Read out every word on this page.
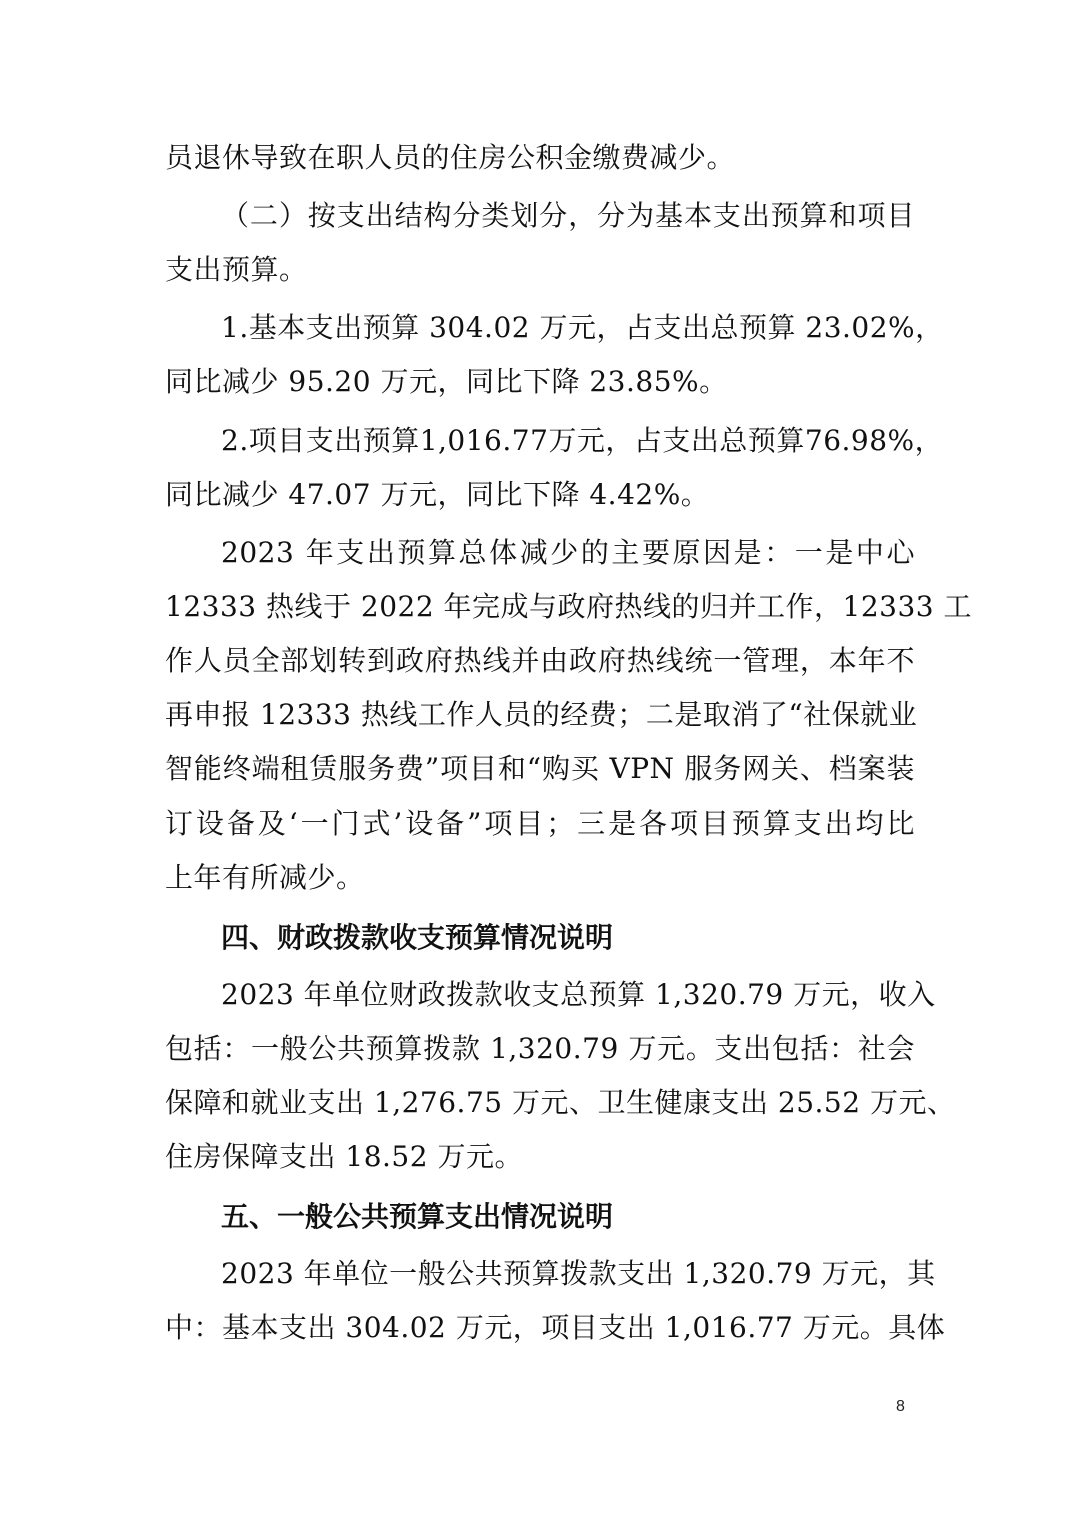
员退休导致在职人员的住房公积金缴费减少。
（二）按支出结构分类划分，分为基本支出预算和项目
支出预算。
1.基本支出预算 304.02 万元，占支出总预算 23.02%，
同比减少 95.20 万元，同比下降 23.85%。
2.项目支出预算1,016.77万元，占支出总预算76.98%，
同比减少 47.07 万元，同比下降 4.42%。
2023 年支出预算总体减少的主要原因是：一是中心
12333 热线于 2022 年完成与政府热线的归并工作，12333 工
作人员全部划转到政府热线并由政府热线统一管理，本年不
再申报 12333 热线工作人员的经费；二是取消了“社保就业
智能终端租赁服务费”项目和“购买 VPN 服务网关、档案装
订设备及‘一门式’设备”项目；三是各项目预算支出均比
上年有所减少。
四、财政拨款收支预算情况说明
2023 年单位财政拨款收支总预算 1,320.79 万元，收入
包括：一般公共预算拨款 1,320.79 万元。支出包括：社会
保障和就业支出 1,276.75 万元、卫生健康支出 25.52 万元、
住房保障支出 18.52 万元。
五、一般公共预算支出情况说明
2023 年单位一般公共预算拨款支出 1,320.79 万元，其
中：基本支出 304.02 万元，项目支出 1,016.77 万元。具体
8
